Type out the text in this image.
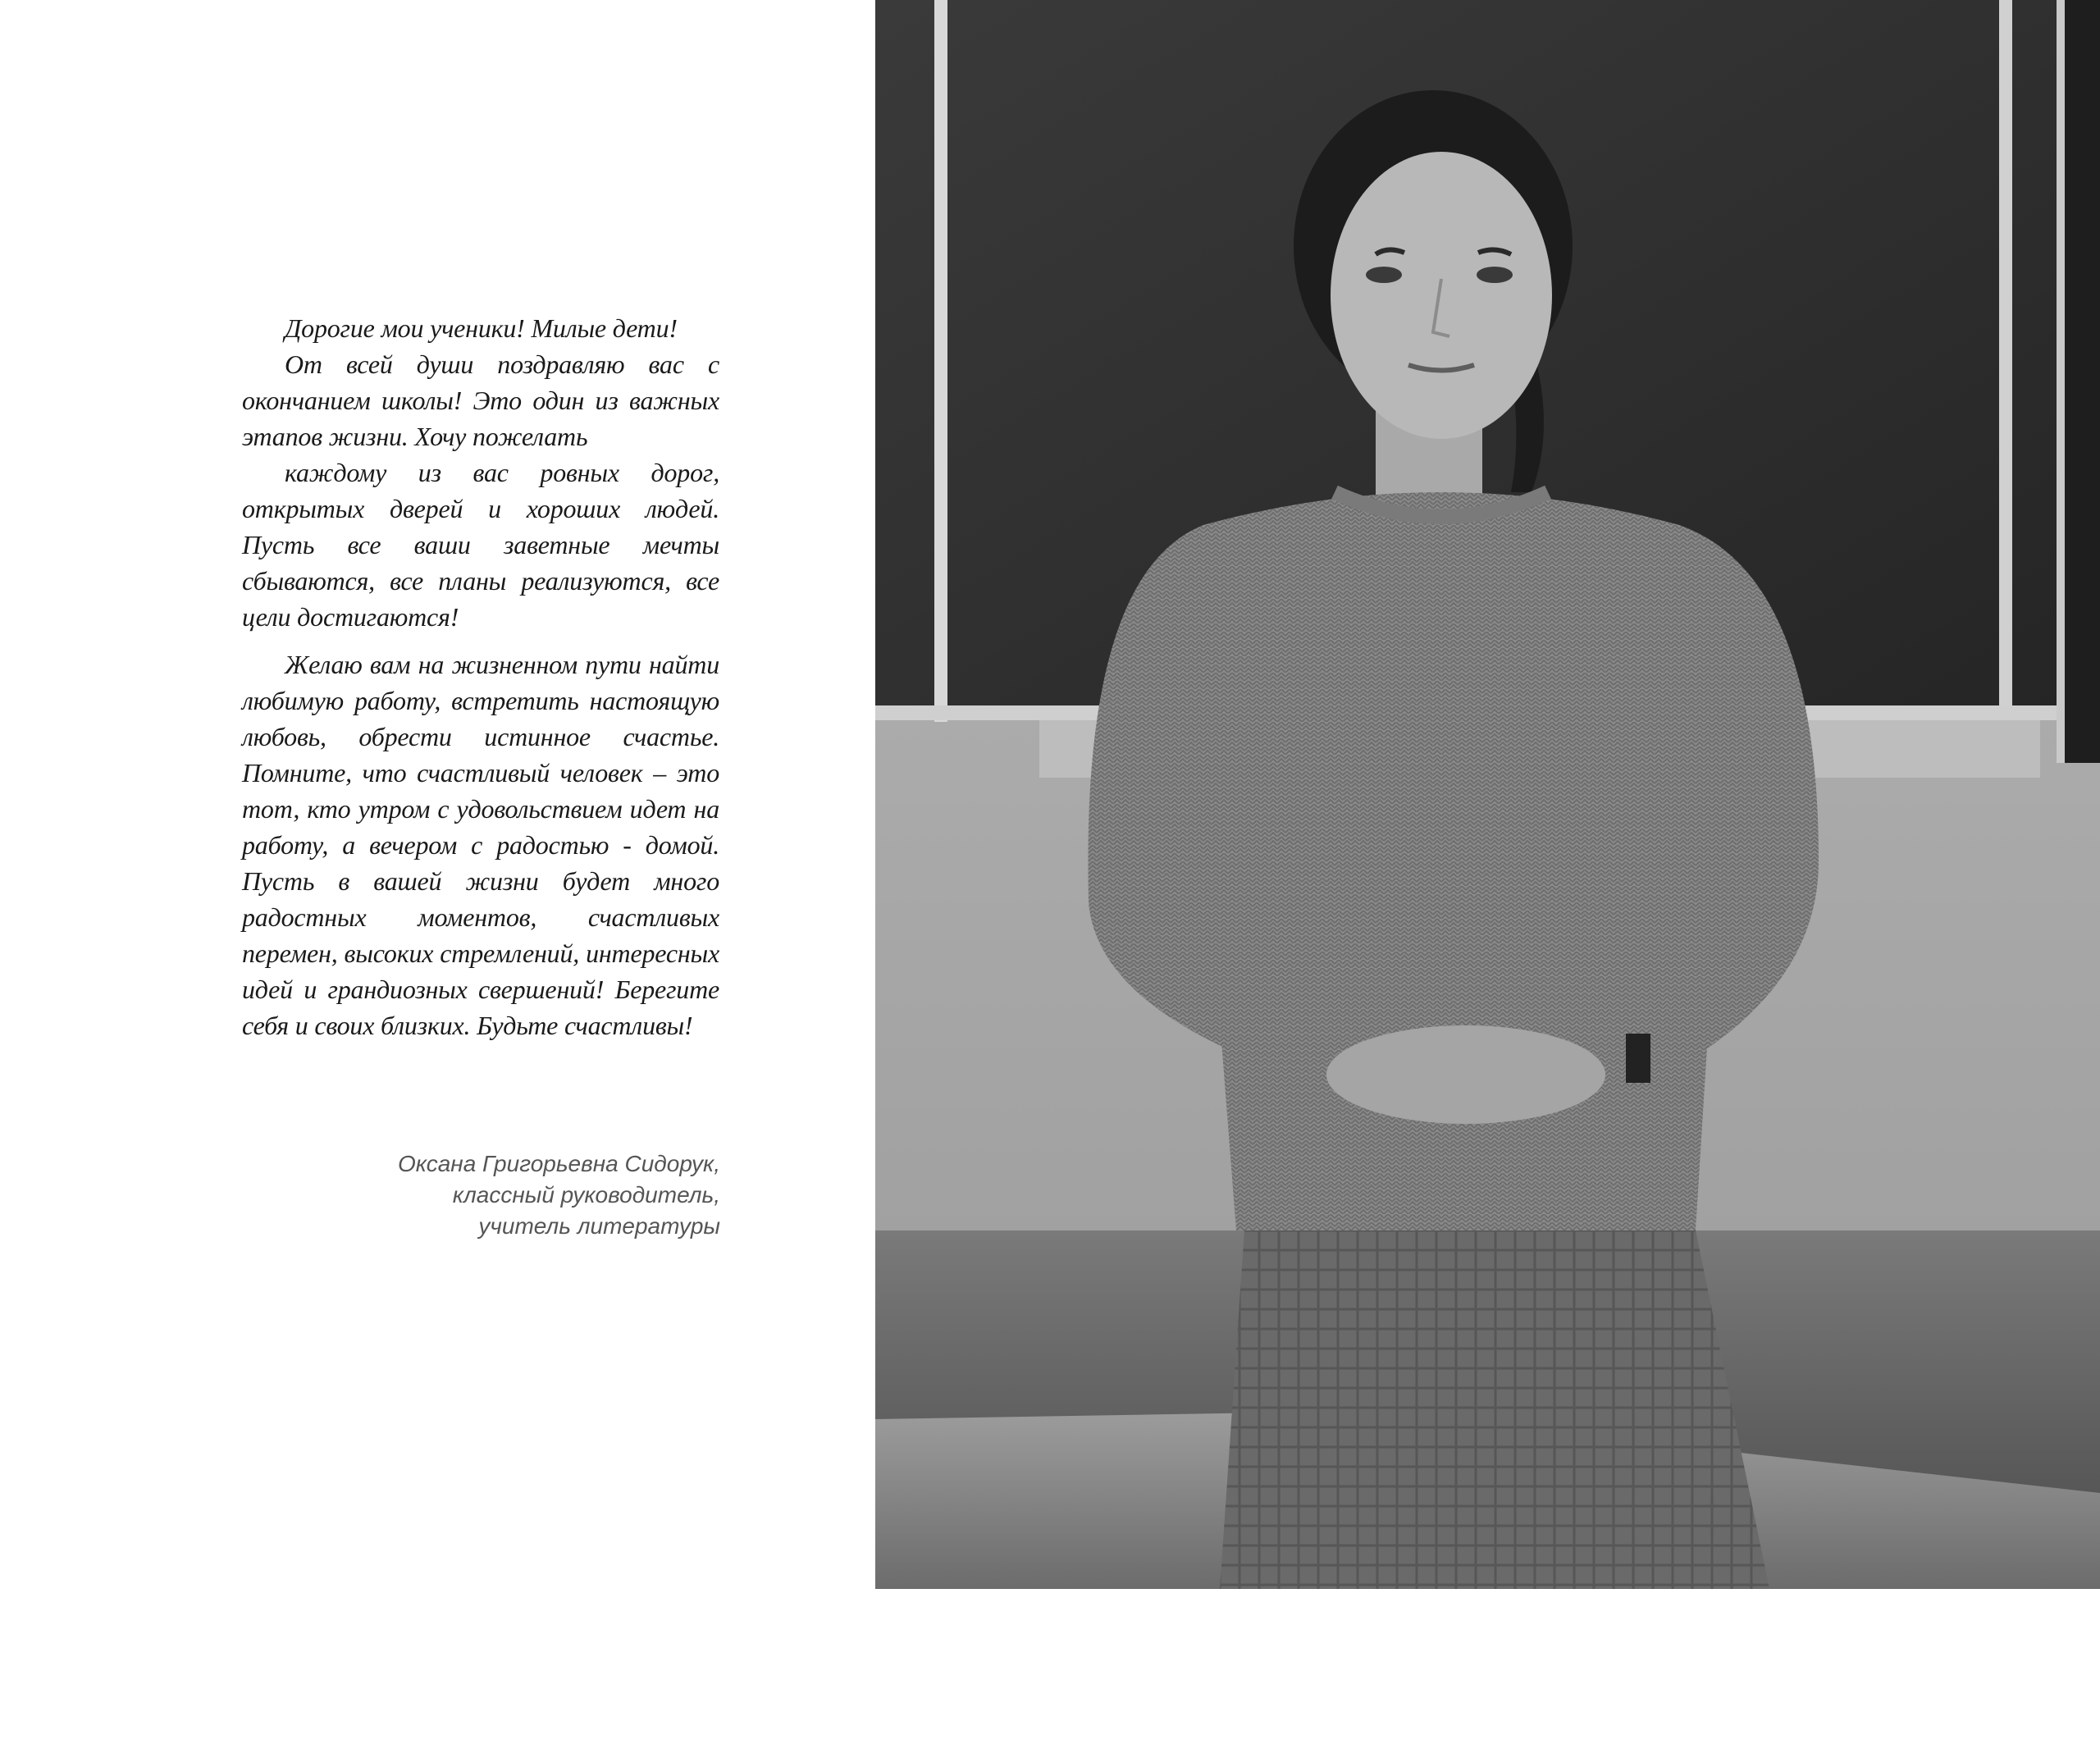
Дорогие мои ученики! Милые дети!

От всей души поздравляю вас с окончанием школы! Это один из важных этапов жизни. Хочу пожелать

каждому из вас ровных дорог, открытых дверей и хороших людей. Пусть все ваши заветные мечты сбываются, все планы реализуются, все цели достигаются!

Желаю вам на жизненном пути найти любимую работу, встретить настоящую любовь, обрести истинное счастье. Помните, что счастливый человек – это тот, кто утром с удовольствием идет на работу, а вечером с радостью - домой. Пусть в вашей жизни будет много радостных моментов, счастливых перемен, высоких стремлений, интересных идей и грандиозных свершений! Берегите себя и своих близких. Будьте счастливы!

Оксана Григорьевна Сидорук,
классный руководитель,
учитель литературы
